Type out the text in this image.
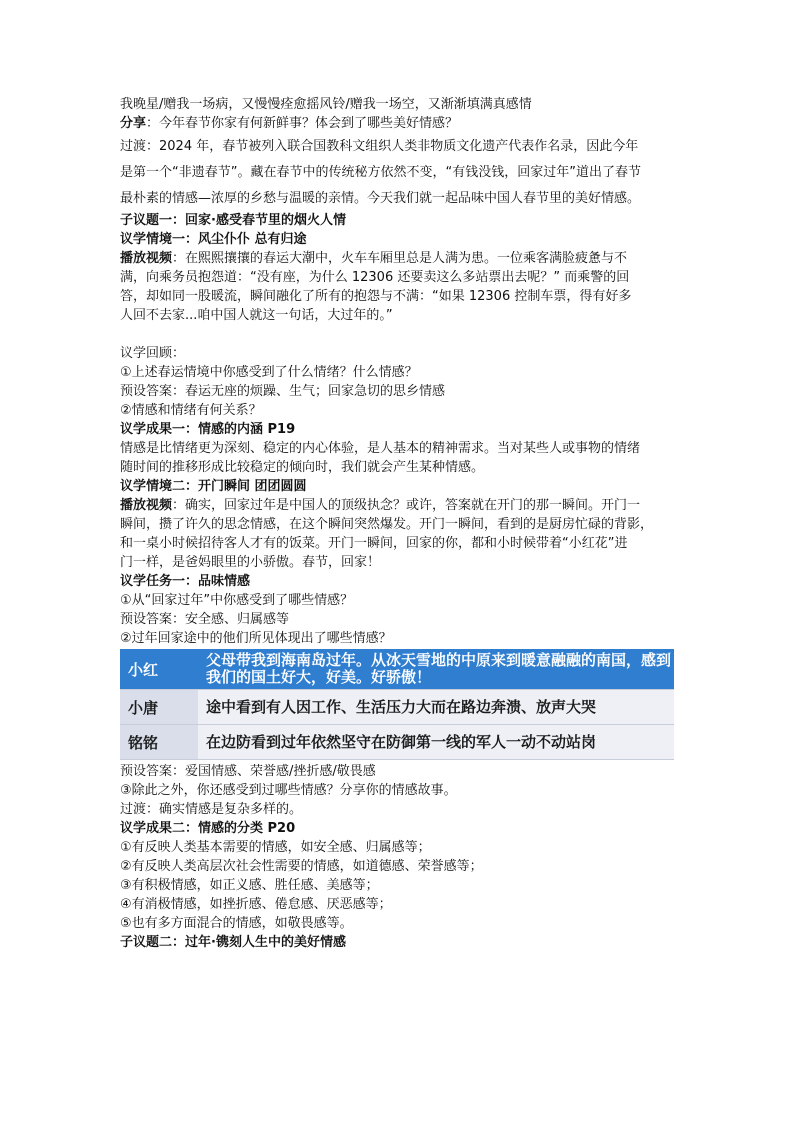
我晚星/赠我一场病，又慢慢痊愈摇风铃/赠我一场空，又渐渐填满真感情
分享：今年春节你家有何新鲜事？体会到了哪些美好情感？
过渡：2024 年，春节被列入联合国教科文组织人类非物质文化遗产代表作名录，因此今年
是第一个“非遗春节”。藏在春节中的传统秘方依然不变，“有钱没钱，回家过年”道出了春节
最朴素的情感—浓厚的乡愁与温暖的亲情。今天我们就一起品味中国人春节里的美好情感。
子议题一：回家·感受春节里的烟火人情
议学情境一：风尘仆仆 总有归途
播放视频：在熙熙攘攘的春运大潮中，火车车厢里总是人满为患。一位乘客满脸疲惫与不
满，向乘务员抱怨道：“没有座，为什么 12306 还要卖这么多站票出去呢？” 而乘警的回
答，却如同一股暖流，瞬间融化了所有的抱怨与不满：“如果 12306 控制车票，得有好多
人回不去家...咱中国人就这一句话，大过年的。”
议学回顾：
①上述春运情境中你感受到了什么情绪？什么情感？
预设答案：春运无座的烦躁、生气；回家急切的思乡情感
②情感和情绪有何关系？
议学成果一：情感的内涵 P19
情感是比情绪更为深刻、稳定的内心体验，是人基本的精神需求。当对某些人或事物的情绪
随时间的推移形成比较稳定的倾向时，我们就会产生某种情感。
议学情境二：开门瞬间 团团圆圆
播放视频：确实，回家过年是中国人的顶级执念？或许，答案就在开门的那一瞬间。开门一
瞬间，攒了许久的思念情感，在这个瞬间突然爆发。开门一瞬间，看到的是厨房忙碌的背影，
和一桌小时候招待客人才有的饭菜。开门一瞬间，回家的你，都和小时候带着“小红花”进
门一样，是爸妈眼里的小骄傲。春节，回家！
议学任务一：品味情感
①从“回家过年”中你感受到了哪些情感？
预设答案：安全感、归属感等
②过年回家途中的他们所见体现出了哪些情感？
小红
父母带我到海南岛过年。从冰天雪地的中原来到暖意融融的南国，感到我们的国土好大，好美。好骄傲！
小唐	途中看到有人因工作、生活压力大而在路边奔溃、放声大哭
铭铭	在边防看到过年依然坚守在防御第一线的军人一动不动站岗
预设答案：爱国情感、荣誉感/挫折感/敬畏感
③除此之外，你还感受到过哪些情感？分享你的情感故事。
过渡：确实情感是复杂多样的。
议学成果二：情感的分类 P20
①有反映人类基本需要的情感，如安全感、归属感等；
②有反映人类高层次社会性需要的情感，如道德感、荣誉感等；
③有积极情感，如正义感、胜任感、美感等；
④有消极情感，如挫折感、倦怠感、厌恶感等；
⑤也有多方面混合的情感，如敬畏感等。
子议题二：过年·镌刻人生中的美好情感
